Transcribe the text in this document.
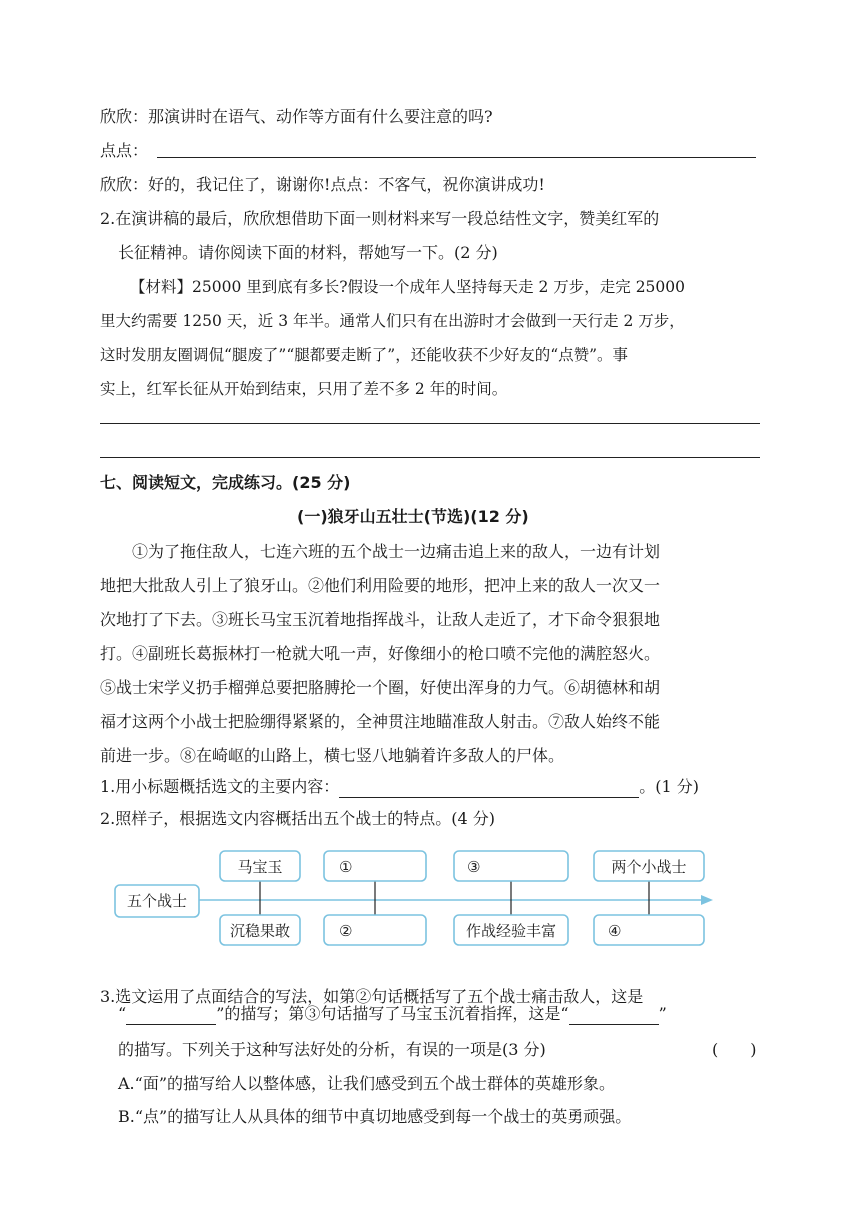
欣欣：那演讲时在语气、动作等方面有什么要注意的吗?
点点：
欣欣：好的，我记住了，谢谢你!点点：不客气，祝你演讲成功!
2.在演讲稿的最后，欣欣想借助下面一则材料来写一段总结性文字，赞美红军的
长征精神。请你阅读下面的材料，帮她写一下。(2 分)
【材料】25000 里到底有多长?假设一个成年人坚持每天走 2 万步，走完 25000
里大约需要 1250 天，近 3 年半。通常人们只有在出游时才会做到一天行走 2 万步，
这时发朋友圈调侃“腿废了”“腿都要走断了”，还能收获不少好友的“点赞”。事
实上，红军长征从开始到结束，只用了差不多 2 年的时间。
七、阅读短文，完成练习。(25 分)
(一)狼牙山五壮士(节选)(12 分)
①为了拖住敌人，七连六班的五个战士一边痛击追上来的敌人，一边有计划
地把大批敌人引上了狼牙山。②他们利用险要的地形，把冲上来的敌人一次又一
次地打了下去。③班长马宝玉沉着地指挥战斗，让敌人走近了，才下命令狠狠地
打。④副班长葛振林打一枪就大吼一声，好像细小的枪口喷不完他的满腔怒火。
⑤战士宋学义扔手榴弹总要把胳膊抡一个圈，好使出浑身的力气。⑥胡德林和胡
福才这两个小战士把脸绷得紧紧的，全神贯注地瞄准敌人射击。⑦敌人始终不能
前进一步。⑧在崎岖的山路上，横七竖八地躺着许多敌人的尸体。
1.用小标题概括选文的主要内容：	。(1 分)
2.照样子，根据选文内容概括出五个战士的特点。(4 分)
五个战士
马宝玉
沉稳果敢
①
②
③
作战经验丰富
两个小战士
④
3.选文运用了点面结合的写法，如第②句话概括写了五个战士痛击敌人，这是
“	”的描写；第③句话描写了马宝玉沉着指挥，这是“	”
的描写。下列关于这种写法好处的分析，有误的一项是(3 分)	(　　)
A.“面”的描写给人以整体感，让我们感受到五个战士群体的英雄形象。
B.“点”的描写让人从具体的细节中真切地感受到每一个战士的英勇顽强。
